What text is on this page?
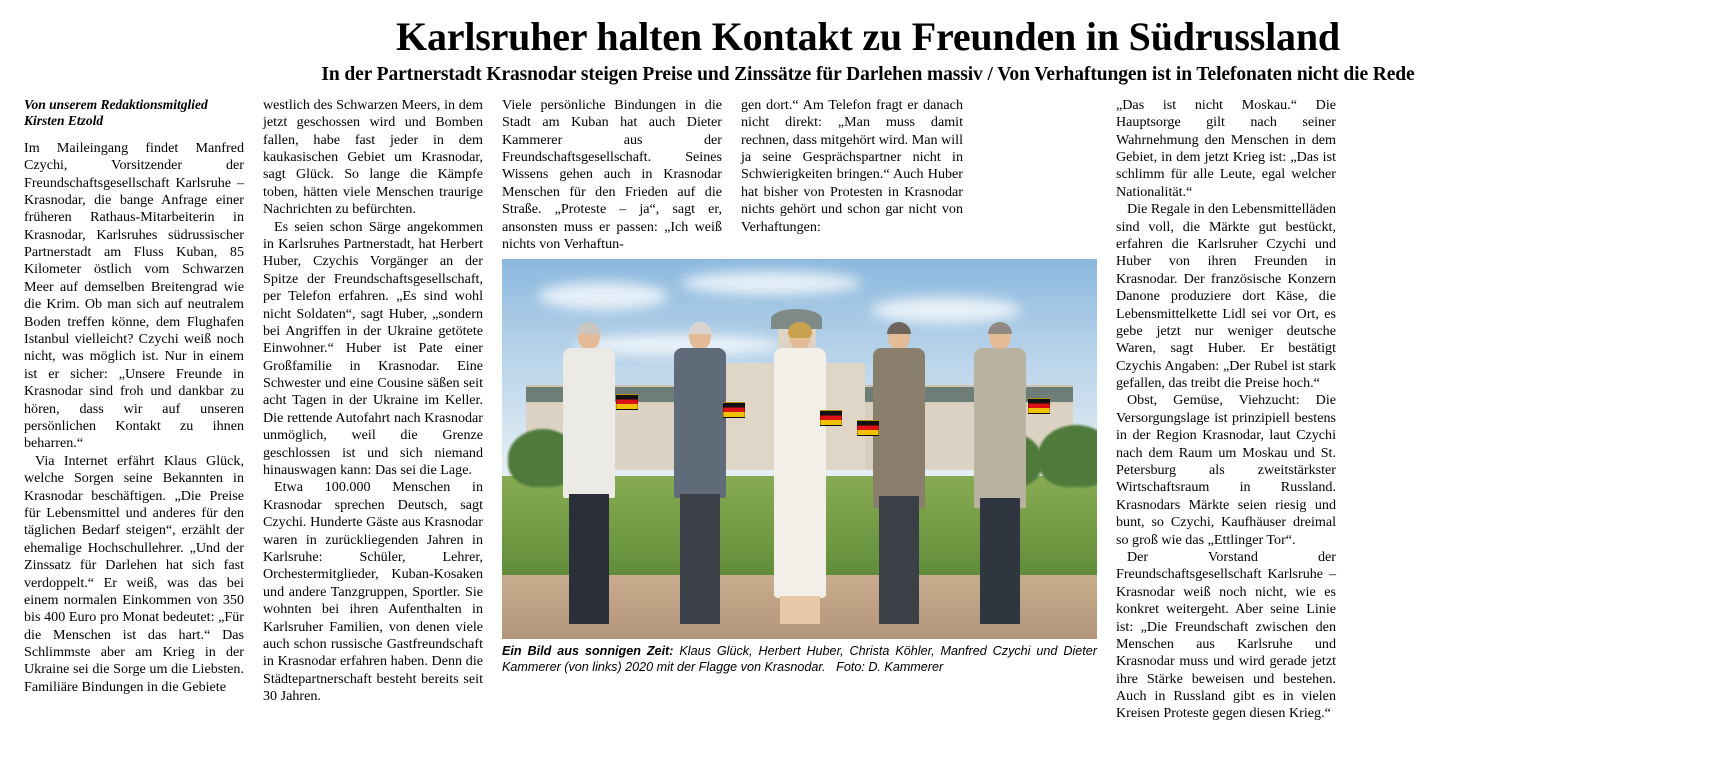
Karlsruher halten Kontakt zu Freunden in Südrussland
In der Partnerstadt Krasnodar steigen Preise und Zinssätze für Darlehen massiv / Von Verhaftungen ist in Telefonaten nicht die Rede
Von unserem Redaktionsmitglied Kirsten Etzold

Im Maileingang findet Manfred Czychi, Vorsitzender der Freundschaftsgesellschaft Karlsruhe – Krasnodar, die bange Anfrage einer früheren Rathaus-Mitarbeiterin in Krasnodar, Karlsruhes südrussischer Partnerstadt am Fluss Kuban, 85 Kilometer östlich vom Schwarzen Meer auf demselben Breitengrad wie die Krim. Ob man sich auf neutralem Boden treffen könne, dem Flughafen Istanbul vielleicht? Czychi weiß noch nicht, was möglich ist. Nur in einem ist er sicher: „Unsere Freunde in Krasnodar sind froh und dankbar zu hören, dass wir auf unseren persönlichen Kontakt zu ihnen beharren.“

Via Internet erfährt Klaus Glück, welche Sorgen seine Bekannten in Krasnodar beschäftigen. „Die Preise für Lebensmittel und anderes für den täglichen Bedarf steigen“, erzählt der ehemalige Hochschullehrer. „Und der Zinssatz für Darlehen hat sich fast verdoppelt.“ Er weiß, was das bei einem normalen Einkommen von 350 bis 400 Euro pro Monat bedeutet: „Für die Menschen ist das hart.“ Das Schlimmste aber am Krieg in der Ukraine sei die Sorge um die Liebsten. Familiäre Bindungen in die Gebiete

westlich des Schwarzen Meers, in dem jetzt geschossen wird und Bomben fallen, habe fast jeder in dem kaukasischen Gebiet um Krasnodar, sagt Glück. So lange die Kämpfe toben, hätten viele Menschen traurige Nachrichten zu befürchten.

Es seien schon Särge angekommen in Karlsruhes Partnerstadt, hat Herbert Huber, Czychis Vorgänger an der Spitze der Freundschaftsgesellschaft, per Telefon erfahren. „Es sind wohl nicht Soldaten“, sagt Huber, „sondern bei Angriffen in der Ukraine getötete Einwohner.“ Huber ist Pate einer Großfamilie in Krasnodar. Eine Schwester und eine Cousine säßen seit acht Tagen in der Ukraine im Keller. Die rettende Autofahrt nach Krasnodar unmöglich, weil die Grenze geschlossen ist und sich niemand hinauswagen kann: Das sei die Lage.

Etwa 100.000 Menschen in Krasnodar sprechen Deutsch, sagt Czychi. Hunderte Gäste aus Krasnodar waren in zurückliegenden Jahren in Karlsruhe: Schüler, Lehrer, Orchestermitglieder, Kuban-Kosaken und andere Tanzgruppen, Sportler. Sie wohnten bei ihren Aufenthalten in Karlsruher Familien, von denen viele auch schon russische Gastfreundschaft in Krasnodar erfahren haben. Denn die Städtepartnerschaft besteht bereits seit 30 Jahren.

Viele persönliche Bindungen in die Stadt am Kuban hat auch Dieter Kammerer aus der Freundschaftsgesellschaft. Seines Wissens gehen auch in Krasnodar Menschen für den Frieden auf die Straße. „Proteste – ja“, sagt er, ansonsten muss er passen: „Ich weiß nichts von Verhaftun-

gen dort.“ Am Telefon fragt er danach nicht direkt: „Man muss damit rechnen, dass mitgehört wird. Man will ja seine Gesprächspartner nicht in Schwierigkeiten bringen.“ Auch Huber hat bisher von Protesten in Krasnodar nichts gehört und schon gar nicht von Verhaftungen:

Ein Bild aus sonnigen Zeit: Klaus Glück, Herbert Huber, Christa Köhler, Manfred Czychi und Dieter Kammerer (von links) 2020 mit der Flagge von Krasnodar. Foto: D. Kammerer

„Das ist nicht Moskau.“ Die Hauptsorge gilt nach seiner Wahrnehmung den Menschen in dem Gebiet, in dem jetzt Krieg ist: „Das ist schlimm für alle Leute, egal welcher Nationalität.“

Die Regale in den Lebensmittelläden sind voll, die Märkte gut bestückt, erfahren die Karlsruher Czychi und Huber von ihren Freunden in Krasnodar. Der französische Konzern Danone produziere dort Käse, die Lebensmittelkette Lidl sei vor Ort, es gebe jetzt nur weniger deutsche Waren, sagt Huber. Er bestätigt Czychis Angaben: „Der Rubel ist stark gefallen, das treibt die Preise hoch.“

Obst, Gemüse, Viehzucht: Die Versorgungslage ist prinzipiell bestens in der Region Krasnodar, laut Czychi nach dem Raum um Moskau und St. Petersburg als zweitstärkster Wirtschaftsraum in Russland. Krasnodars Märkte seien riesig und bunt, so Czychi, Kaufhäuser dreimal so groß wie das „Ettlinger Tor“.

Der Vorstand der Freundschaftsgesellschaft Karlsruhe – Krasnodar weiß noch nicht, wie es konkret weitergeht. Aber seine Linie ist: „Die Freundschaft zwischen den Menschen aus Karlsruhe und Krasnodar muss und wird gerade jetzt ihre Stärke beweisen und bestehen. Auch in Russland gibt es in vielen Kreisen Proteste gegen diesen Krieg.“
